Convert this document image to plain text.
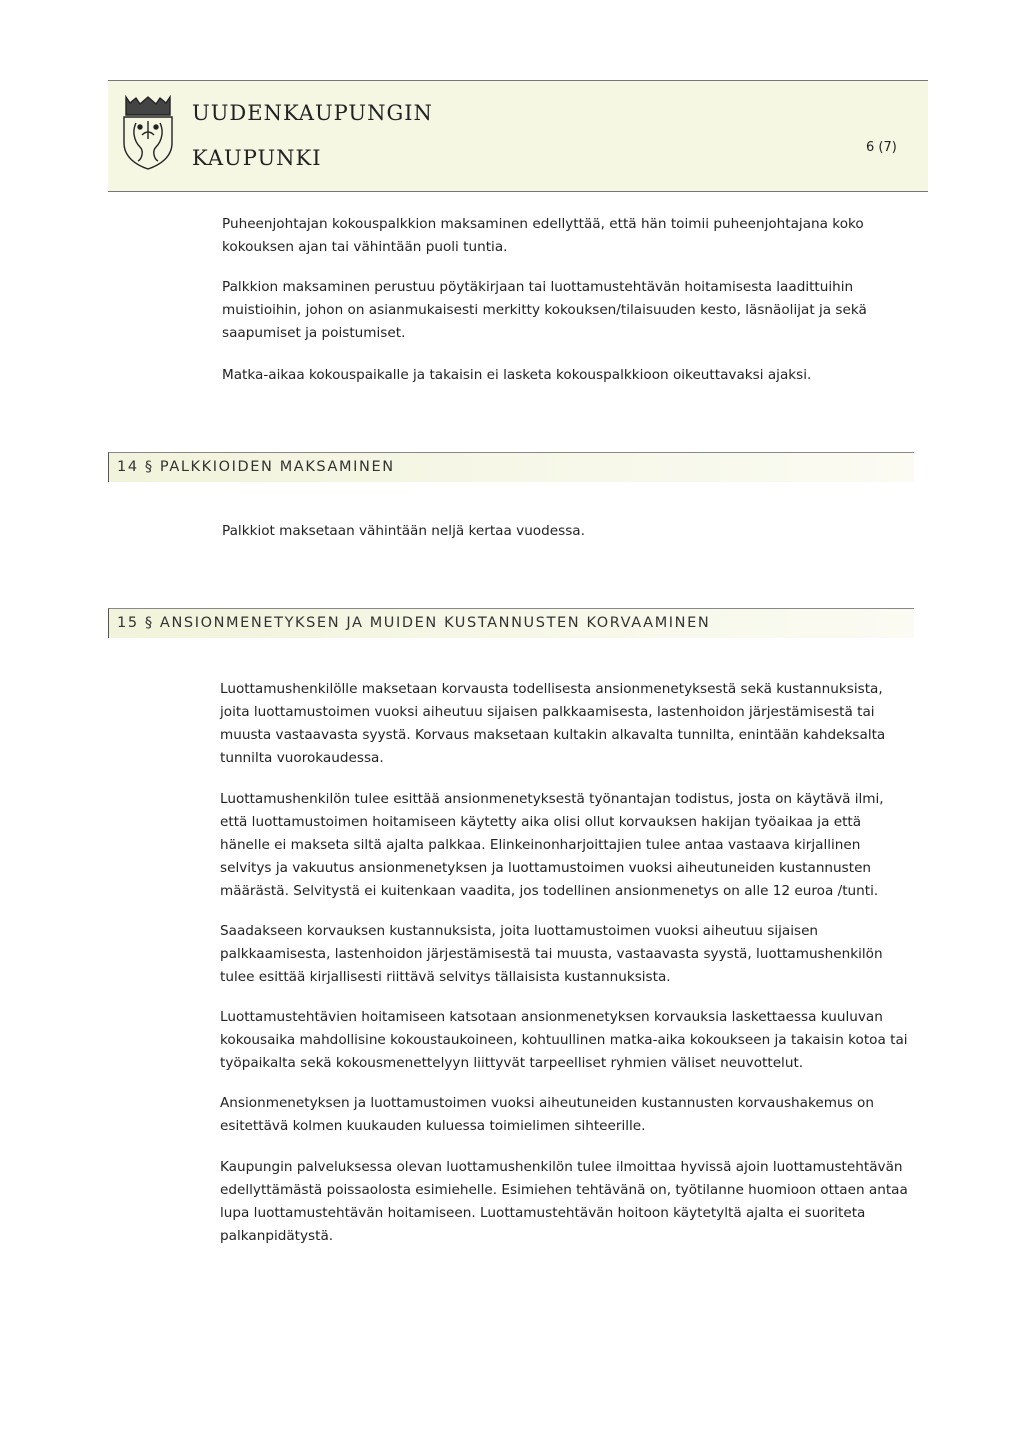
UUDENKAUPUNGIN
KAUPUNKI	6 (7)

Puheenjohtajan kokouspalkkion maksaminen edellyttää, että hän toimii puheenjohtajana koko kokouksen ajan tai vähintään puoli tuntia.

Palkkion maksaminen perustuu pöytäkirjaan tai luottamustehtävän hoitamisesta laadittuihin muistioihin, johon on asianmukaisesti merkitty kokouksen/tilaisuuden kesto, läsnäolijat ja sekä saapumiset ja poistumiset.

Matka-aikaa kokouspaikalle ja takaisin ei lasketa kokouspalkkioon oikeuttavaksi ajaksi.

14 § PALKKIOIDEN MAKSAMINEN

Palkkiot maksetaan vähintään neljä kertaa vuodessa.

15 § ANSIONMENETYKSEN JA MUIDEN KUSTANNUSTEN KORVAAMINEN

Luottamushenkilölle maksetaan korvausta todellisesta ansionmenetyksestä sekä kustannuksista, joita luottamustoimen vuoksi aiheutuu sijaisen palkkaamisesta, lastenhoidon järjestämisestä tai muusta vastaavasta syystä. Korvaus maksetaan kultakin alkavalta tunnilta, enintään kahdeksalta tunnilta vuorokaudessa.

Luottamushenkilön tulee esittää ansionmenetyksestä työnantajan todistus, josta on käytävä ilmi, että luottamustoimen hoitamiseen käytetty aika olisi ollut korvauksen hakijan työaikaa ja että hänelle ei makseta siltä ajalta palkkaa. Elinkeinonharjoittajien tulee antaa vastaava kirjallinen selvitys ja vakuutus ansionmenetyksen ja luottamustoimen vuoksi aiheutuneiden kustannusten määrästä. Selvitystä ei kuitenkaan vaadita, jos todellinen ansionmenetys on alle 12 euroa /tunti.

Saadakseen korvauksen kustannuksista, joita luottamustoimen vuoksi aiheutuu sijaisen palkkaamisesta, lastenhoidon järjestämisestä tai muusta, vastaavasta syystä, luottamushenkilön tulee esittää kirjallisesti riittävä selvitys tällaisista kustannuksista.

Luottamustehtävien hoitamiseen katsotaan ansionmenetyksen korvauksia laskettaessa kuuluvan kokousaika mahdollisine kokoustaukoineen, kohtuullinen matka-aika kokoukseen ja takaisin kotoa tai työpaikalta sekä kokousmenettelyyn liittyvät tarpeelliset ryhmien väliset neuvottelut.

Ansionmenetyksen ja luottamustoimen vuoksi aiheutuneiden kustannusten korvaushakemus on esitettävä kolmen kuukauden kuluessa toimielimen sihteerille.

Kaupungin palveluksessa olevan luottamushenkilön tulee ilmoittaa hyvissä ajoin luottamustehtävän edellyttämästä poissaolosta esimiehelle. Esimiehen tehtävänä on, työtilanne huomioon ottaen antaa lupa luottamustehtävän hoitamiseen. Luottamustehtävän hoitoon käytetyltä ajalta ei suoriteta palkanpidätystä.
